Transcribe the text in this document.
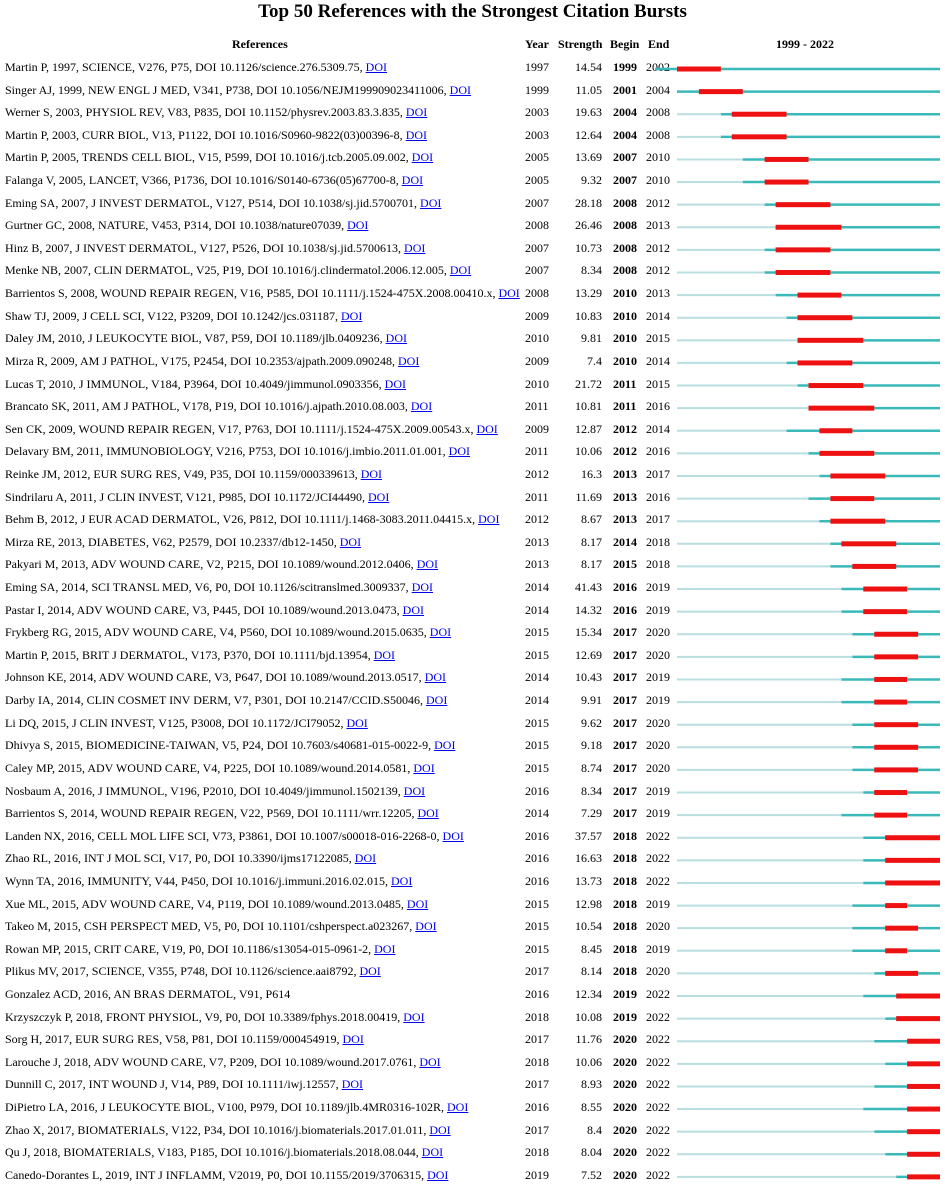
Top 50 References with the Strongest Citation Bursts
References	Year Strength Begin End	1999 - 2022
Martin P, 1997, SCIENCE, V276, P75, DOI 10.1126/science.276.5309.75, DOI	1997	14.54 1999 2002
Singer AJ, 1999, NEW ENGL J MED, V341, P738, DOI 10.1056/NEJM199909023411006, DOI	1999	11.05 2001 2004
Werner S, 2003, PHYSIOL REV, V83, P835, DOI 10.1152/physrev.2003.83.3.835, DOI	2003	19.63 2004 2008
Martin P, 2003, CURR BIOL, V13, P1122, DOI 10.1016/S0960-9822(03)00396-8, DOI	2003	12.64 2004 2008
Martin P, 2005, TRENDS CELL BIOL, V15, P599, DOI 10.1016/j.tcb.2005.09.002, DOI	2005	13.69 2007 2010
Falanga V, 2005, LANCET, V366, P1736, DOI 10.1016/S0140-6736(05)67700-8, DOI	2005	9.32 2007 2010
Eming SA, 2007, J INVEST DERMATOL, V127, P514, DOI 10.1038/sj.jid.5700701, DOI	2007	28.18 2008 2012
Gurtner GC, 2008, NATURE, V453, P314, DOI 10.1038/nature07039, DOI	2008	26.46 2008 2013
Hinz B, 2007, J INVEST DERMATOL, V127, P526, DOI 10.1038/sj.jid.5700613, DOI	2007	10.73 2008 2012
Menke NB, 2007, CLIN DERMATOL, V25, P19, DOI 10.1016/j.clindermatol.2006.12.005, DOI	2007	8.34 2008 2012
Barrientos S, 2008, WOUND REPAIR REGEN, V16, P585, DOI 10.1111/j.1524-475X.2008.00410.x, DOI 2008	13.29 2010 2013
Shaw TJ, 2009, J CELL SCI, V122, P3209, DOI 10.1242/jcs.031187, DOI	2009	10.83 2010 2014
Daley JM, 2010, J LEUKOCYTE BIOL, V87, P59, DOI 10.1189/jlb.0409236, DOI	2010	9.81 2010 2015
Mirza R, 2009, AM J PATHOL, V175, P2454, DOI 10.2353/ajpath.2009.090248, DOI	2009	7.4 2010 2014
Lucas T, 2010, J IMMUNOL, V184, P3964, DOI 10.4049/jimmunol.0903356, DOI	2010	21.72 2011 2015
Brancato SK, 2011, AM J PATHOL, V178, P19, DOI 10.1016/j.ajpath.2010.08.003, DOI	2011	10.81 2011 2016
Sen CK, 2009, WOUND REPAIR REGEN, V17, P763, DOI 10.1111/j.1524-475X.2009.00543.x, DOI 2009	12.87 2012 2014
Delavary BM, 2011, IMMUNOBIOLOGY, V216, P753, DOI 10.1016/j.imbio.2011.01.001, DOI	2011	10.06 2012 2016
Reinke JM, 2012, EUR SURG RES, V49, P35, DOI 10.1159/000339613, DOI	2012	16.3 2013 2017
Sindrilaru A, 2011, J CLIN INVEST, V121, P985, DOI 10.1172/JCI44490, DOI	2011	11.69 2013 2016
Behm B, 2012, J EUR ACAD DERMATOL, V26, P812, DOI 10.1111/j.1468-3083.2011.04415.x, DOI 2012	8.67 2013 2017
Mirza RE, 2013, DIABETES, V62, P2579, DOI 10.2337/db12-1450, DOI	2013	8.17 2014 2018
Pakyari M, 2013, ADV WOUND CARE, V2, P215, DOI 10.1089/wound.2012.0406, DOI	2013	8.17 2015 2018
Eming SA, 2014, SCI TRANSL MED, V6, P0, DOI 10.1126/scitranslmed.3009337, DOI	2014	41.43 2016 2019
Pastar I, 2014, ADV WOUND CARE, V3, P445, DOI 10.1089/wound.2013.0473, DOI	2014	14.32 2016 2019
Frykberg RG, 2015, ADV WOUND CARE, V4, P560, DOI 10.1089/wound.2015.0635, DOI	2015	15.34 2017 2020
Martin P, 2015, BRIT J DERMATOL, V173, P370, DOI 10.1111/bjd.13954, DOI	2015	12.69 2017 2020
Johnson KE, 2014, ADV WOUND CARE, V3, P647, DOI 10.1089/wound.2013.0517, DOI	2014	10.43 2017 2019
Darby IA, 2014, CLIN COSMET INV DERM, V7, P301, DOI 10.2147/CCID.S50046, DOI	2014	9.91 2017 2019
Li DQ, 2015, J CLIN INVEST, V125, P3008, DOI 10.1172/JCI79052, DOI	2015	9.62 2017 2020
Dhivya S, 2015, BIOMEDICINE-TAIWAN, V5, P24, DOI 10.7603/s40681-015-0022-9, DOI	2015	9.18 2017 2020
Caley MP, 2015, ADV WOUND CARE, V4, P225, DOI 10.1089/wound.2014.0581, DOI	2015	8.74 2017 2020
Nosbaum A, 2016, J IMMUNOL, V196, P2010, DOI 10.4049/jimmunol.1502139, DOI	2016	8.34 2017 2019
Barrientos S, 2014, WOUND REPAIR REGEN, V22, P569, DOI 10.1111/wrr.12205, DOI	2014	7.29 2017 2019
Landen NX, 2016, CELL MOL LIFE SCI, V73, P3861, DOI 10.1007/s00018-016-2268-0, DOI	2016	37.57 2018 2022
Zhao RL, 2016, INT J MOL SCI, V17, P0, DOI 10.3390/ijms17122085, DOI	2016	16.63 2018 2022
Wynn TA, 2016, IMMUNITY, V44, P450, DOI 10.1016/j.immuni.2016.02.015, DOI	2016	13.73 2018 2022
Xue ML, 2015, ADV WOUND CARE, V4, P119, DOI 10.1089/wound.2013.0485, DOI	2015	12.98 2018 2019
Takeo M, 2015, CSH PERSPECT MED, V5, P0, DOI 10.1101/cshperspect.a023267, DOI	2015	10.54 2018 2020
Rowan MP, 2015, CRIT CARE, V19, P0, DOI 10.1186/s13054-015-0961-2, DOI	2015	8.45 2018 2019
Plikus MV, 2017, SCIENCE, V355, P748, DOI 10.1126/science.aai8792, DOI	2017	8.14 2018 2020
Gonzalez ACD, 2016, AN BRAS DERMATOL, V91, P614	2016	12.34 2019 2022
Krzyszczyk P, 2018, FRONT PHYSIOL, V9, P0, DOI 10.3389/fphys.2018.00419, DOI	2018	10.08 2019 2022
Sorg H, 2017, EUR SURG RES, V58, P81, DOI 10.1159/000454919, DOI	2017	11.76 2020 2022
Larouche J, 2018, ADV WOUND CARE, V7, P209, DOI 10.1089/wound.2017.0761, DOI	2018	10.06 2020 2022
Dunnill C, 2017, INT WOUND J, V14, P89, DOI 10.1111/iwj.12557, DOI	2017	8.93 2020 2022
DiPietro LA, 2016, J LEUKOCYTE BIOL, V100, P979, DOI 10.1189/jlb.4MR0316-102R, DOI	2016	8.55 2020 2022
Zhao X, 2017, BIOMATERIALS, V122, P34, DOI 10.1016/j.biomaterials.2017.01.011, DOI	2017	8.4 2020 2022
Qu J, 2018, BIOMATERIALS, V183, P185, DOI 10.1016/j.biomaterials.2018.08.044, DOI	2018	8.04 2020 2022
Canedo-Dorantes L, 2019, INT J INFLAMM, V2019, P0, DOI 10.1155/2019/3706315, DOI	2019	7.52 2020 2022
